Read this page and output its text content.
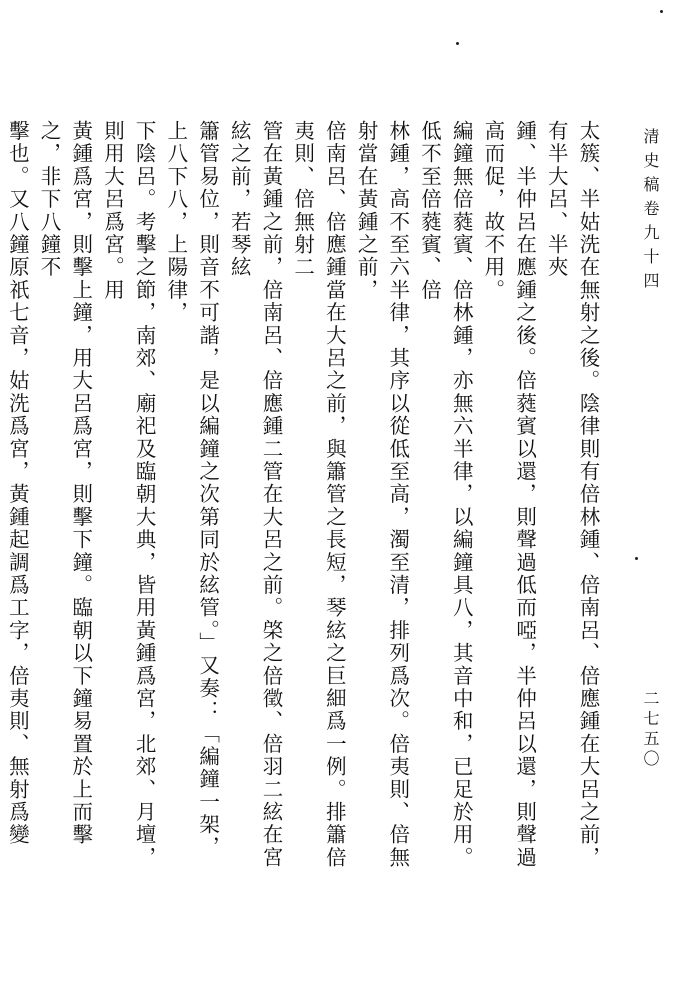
清史稿卷九十四
二七五〇
太簇、半姑洗在無射之後。陰律則有倍林鍾、倍南呂、倍應鍾在大呂之前，有半大呂、半夾
鍾、半仲呂在應鍾之後。倍蕤賓以還，則聲過低而啞，半仲呂以還，則聲過高而促，故不用。
編鐘無倍蕤賓、倍林鍾，亦無六半律，以編鐘具八，其音中和，已足於用。低不至倍蕤賓、倍
林鍾，高不至六半律，其序以從低至高，濁至清，排列爲次。倍夷則、倍無射當在黃鍾之前，
倍南呂、倍應鍾當在大呂之前，與簫管之長短，琴絃之巨細爲一例。排簫倍夷則、倍無射二
管在黃鍾之前，倍南呂、倍應鍾二管在大呂之前。棨之倍徵、倍羽二絃在宮絃之前，若琴絃
簫管易位，則音不可諧，是以編鐘之次第同於絃管。」又奏：「編鐘一架，上八下八，上陽律，
下陰呂。考擊之節，南郊、廟祀及臨朝大典，皆用黃鍾爲宮，北郊、月壇，則用大呂爲宮。用
黃鍾爲宮，則擊上鐘，用大呂爲宮，則擊下鐘。臨朝以下鐘易置於上而擊之，非下八鐘不
擊也。又八鐘原祇七音，姑洗爲宮，黃鍾起調爲工字，倍夷則、無射爲變
